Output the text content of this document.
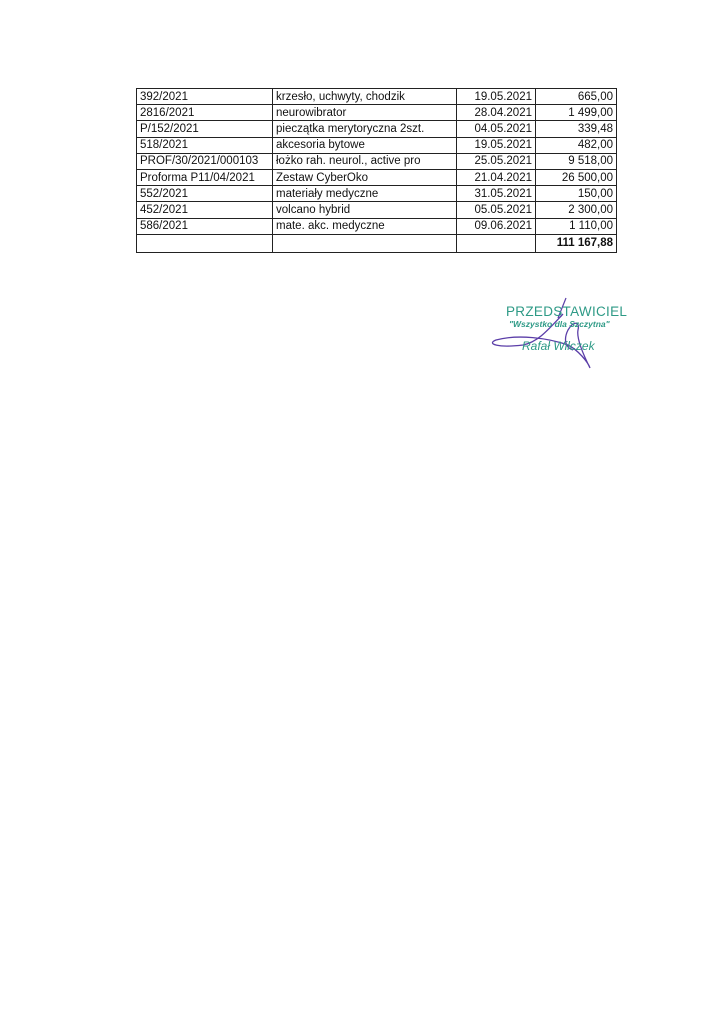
392/2021	krzesło, uchwyty, chodzik	19.05.2021	665,00
2816/2021	neurowibrator	28.04.2021	1 499,00
P/152/2021	pieczątka merytoryczna 2szt.	04.05.2021	339,48
518/2021	akcesoria bytowe	19.05.2021	482,00
PROF/30/2021/000103	łożko rah. neurol., active pro	25.05.2021	9 518,00
Proforma P11/04/2021	Zestaw CyberOko	21.04.2021	26 500,00
552/2021	materiały medyczne	31.05.2021	150,00
452/2021	volcano hybrid	05.05.2021	2 300,00
586/2021	mate. akc. medyczne	09.06.2021	1 110,00
			111 167,88
PRZEDSTAWICIEL
"Wszystko dla Szczytna"
Rafał Wilczek
